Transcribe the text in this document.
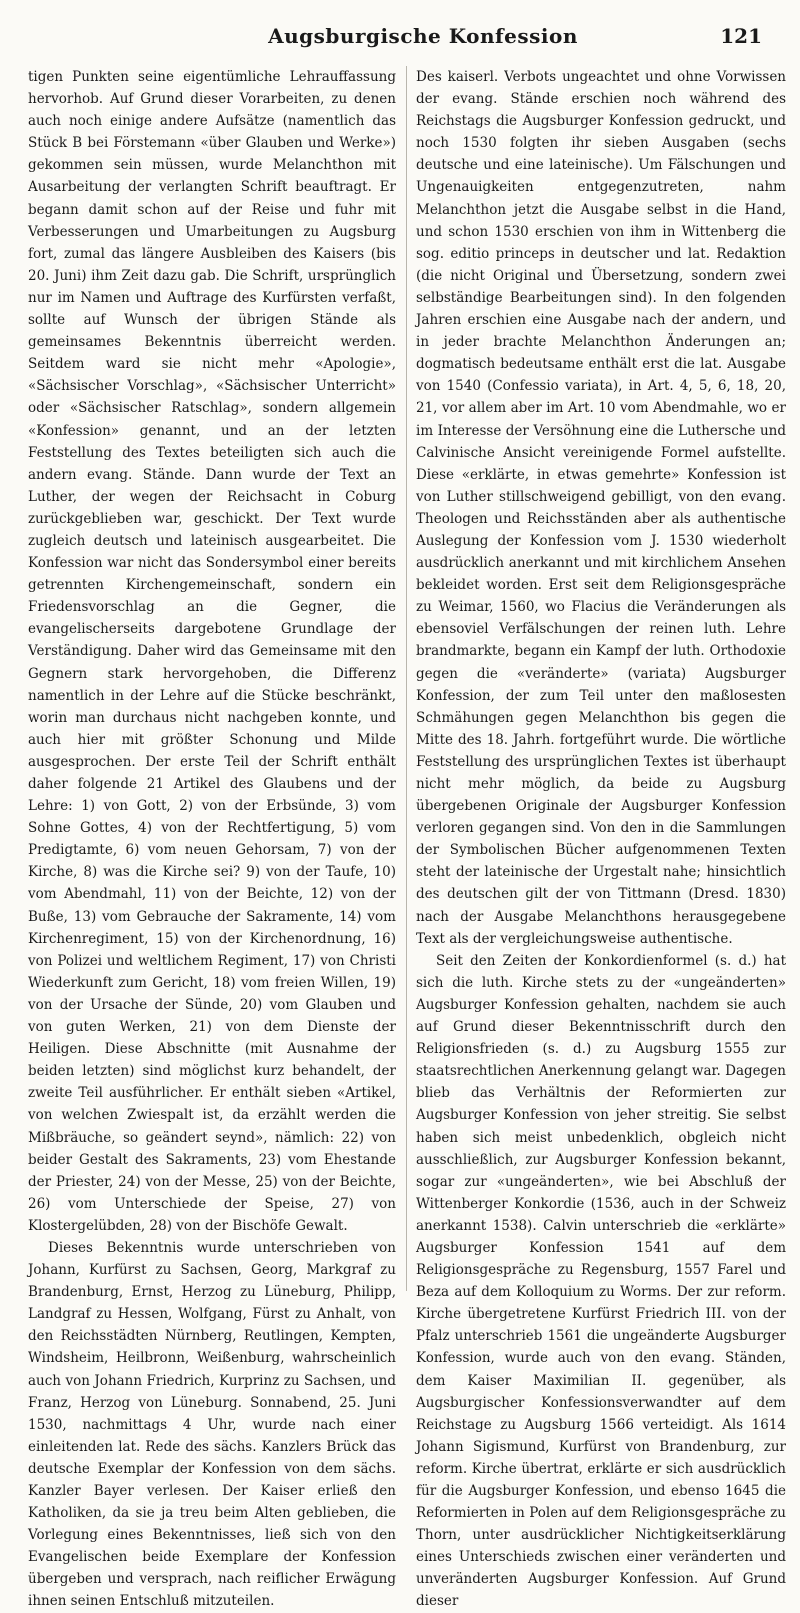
Augsburgische Konfession	121

tigen Punkten seine eigentümliche Lehrauffassung hervorhob. Auf Grund dieser Vorarbeiten, zu denen auch noch einige andere Aufsätze (namentlich das Stück B bei Förstemann «über Glauben und Werke») gekommen sein müssen, wurde Melanchthon mit Ausarbeitung der verlangten Schrift beauftragt. Er begann damit schon auf der Reise und fuhr mit Verbesserungen und Umarbeitungen zu Augsburg fort, zumal das längere Ausbleiben des Kaisers (bis 20. Juni) ihm Zeit dazu gab. Die Schrift, ursprünglich nur im Namen und Auftrage des Kurfürsten verfaßt, sollte auf Wunsch der übrigen Stände als gemeinsames Bekenntnis überreicht werden. Seitdem ward sie nicht mehr «Apologie», «Sächsischer Vorschlag», «Sächsischer Unterricht» oder «Sächsischer Ratschlag», sondern allgemein «Konfession» genannt, und an der letzten Feststellung des Textes beteiligten sich auch die andern evang. Stände. Dann wurde der Text an Luther, der wegen der Reichsacht in Coburg zurückgeblieben war, geschickt. Der Text wurde zugleich deutsch und lateinisch ausgearbeitet. Die Konfession war nicht das Sondersymbol einer bereits getrennten Kirchengemeinschaft, sondern ein Friedensvorschlag an die Gegner, die evangelischerseits dargebotene Grundlage der Verständigung. Daher wird das Gemeinsame mit den Gegnern stark hervorgehoben, die Differenz namentlich in der Lehre auf die Stücke beschränkt, worin man durchaus nicht nachgeben konnte, und auch hier mit größter Schonung und Milde ausgesprochen. Der erste Teil der Schrift enthält daher folgende 21 Artikel des Glaubens und der Lehre: 1) von Gott, 2) von der Erbsünde, 3) vom Sohne Gottes, 4) von der Rechtfertigung, 5) vom Predigtamte, 6) vom neuen Gehorsam, 7) von der Kirche, 8) was die Kirche sei? 9) von der Taufe, 10) vom Abendmahl, 11) von der Beichte, 12) von der Buße, 13) vom Gebrauche der Sakramente, 14) vom Kirchenregiment, 15) von der Kirchenordnung, 16) von Polizei und weltlichem Regiment, 17) von Christi Wiederkunft zum Gericht, 18) vom freien Willen, 19) von der Ursache der Sünde, 20) vom Glauben und von guten Werken, 21) von dem Dienste der Heiligen. Diese Abschnitte (mit Ausnahme der beiden letzten) sind möglichst kurz behandelt, der zweite Teil ausführlicher. Er enthält sieben «Artikel, von welchen Zwiespalt ist, da erzählt werden die Mißbräuche, so geändert seynd», nämlich: 22) von beider Gestalt des Sakraments, 23) vom Ehestande der Priester, 24) von der Messe, 25) von der Beichte, 26) vom Unterschiede der Speise, 27) von Klostergelübden, 28) von der Bischöfe Gewalt.

Dieses Bekenntnis wurde unterschrieben von Johann, Kurfürst zu Sachsen, Georg, Markgraf zu Brandenburg, Ernst, Herzog zu Lüneburg, Philipp, Landgraf zu Hessen, Wolfgang, Fürst zu Anhalt, von den Reichsstädten Nürnberg, Reutlingen, Kempten, Windsheim, Heilbronn, Weißenburg, wahrscheinlich auch von Johann Friedrich, Kurprinz zu Sachsen, und Franz, Herzog von Lüneburg. Sonnabend, 25. Juni 1530, nachmittags 4 Uhr, wurde nach einer einleitenden lat. Rede des sächs. Kanzlers Brück das deutsche Exemplar der Konfession von dem sächs. Kanzler Bayer verlesen. Der Kaiser erließ den Katholiken, da sie ja treu beim Alten geblieben, die Vorlegung eines Bekenntnisses, ließ sich von den Evangelischen beide Exemplare der Konfession übergeben und versprach, nach reiflicher Erwägung ihnen seinen Entschluß mitzuteilen.

Des kaiserl. Verbots ungeachtet und ohne Vorwissen der evang. Stände erschien noch während des Reichstags die Augsburger Konfession gedruckt, und noch 1530 folgten ihr sieben Ausgaben (sechs deutsche und eine lateinische). Um Fälschungen und Ungenauigkeiten entgegenzutreten, nahm Melanchthon jetzt die Ausgabe selbst in die Hand, und schon 1530 erschien von ihm in Wittenberg die sog. editio princeps in deutscher und lat. Redaktion (die nicht Original und Übersetzung, sondern zwei selbständige Bearbeitungen sind). In den folgenden Jahren erschien eine Ausgabe nach der andern, und in jeder brachte Melanchthon Änderungen an; dogmatisch bedeutsame enthält erst die lat. Ausgabe von 1540 (Confessio variata), in Art. 4, 5, 6, 18, 20, 21, vor allem aber im Art. 10 vom Abendmahle, wo er im Interesse der Versöhnung eine die Luthersche und Calvinische Ansicht vereinigende Formel aufstellte. Diese «erklärte, in etwas gemehrte» Konfession ist von Luther stillschweigend gebilligt, von den evang. Theologen und Reichsständen aber als authentische Auslegung der Konfession vom J. 1530 wiederholt ausdrücklich anerkannt und mit kirchlichem Ansehen bekleidet worden. Erst seit dem Religionsgespräche zu Weimar, 1560, wo Flacius die Veränderungen als ebensoviel Verfälschungen der reinen luth. Lehre brandmarkte, begann ein Kampf der luth. Orthodoxie gegen die «veränderte» (variata) Augsburger Konfession, der zum Teil unter den maßlosesten Schmähungen gegen Melanchthon bis gegen die Mitte des 18. Jahrh. fortgeführt wurde. Die wörtliche Feststellung des ursprünglichen Textes ist überhaupt nicht mehr möglich, da beide zu Augsburg übergebenen Originale der Augsburger Konfession verloren gegangen sind. Von den in die Sammlungen der Symbolischen Bücher aufgenommenen Texten steht der lateinische der Urgestalt nahe; hinsichtlich des deutschen gilt der von Tittmann (Dresd. 1830) nach der Ausgabe Melanchthons herausgegebene Text als der vergleichungsweise authentische.

Seit den Zeiten der Konkordienformel (s. d.) hat sich die luth. Kirche stets zu der «ungeänderten» Augsburger Konfession gehalten, nachdem sie auch auf Grund dieser Bekenntnisschrift durch den Religionsfrieden (s. d.) zu Augsburg 1555 zur staatsrechtlichen Anerkennung gelangt war. Dagegen blieb das Verhältnis der Reformierten zur Augsburger Konfession von jeher streitig. Sie selbst haben sich meist unbedenklich, obgleich nicht ausschließlich, zur Augsburger Konfession bekannt, sogar zur «ungeänderten», wie bei Abschluß der Wittenberger Konkordie (1536, auch in der Schweiz anerkannt 1538). Calvin unterschrieb die «erklärte» Augsburger Konfession 1541 auf dem Religionsgespräche zu Regensburg, 1557 Farel und Beza auf dem Kolloquium zu Worms. Der zur reform. Kirche übergetretene Kurfürst Friedrich III. von der Pfalz unterschrieb 1561 die ungeänderte Augsburger Konfession, wurde auch von den evang. Ständen, dem Kaiser Maximilian II. gegenüber, als Augsburgischer Konfessionsverwandter auf dem Reichstage zu Augsburg 1566 verteidigt. Als 1614 Johann Sigismund, Kurfürst von Brandenburg, zur reform. Kirche übertrat, erklärte er sich ausdrücklich für die Augsburger Konfession, und ebenso 1645 die Reformierten in Polen auf dem Religionsgespräche zu Thorn, unter ausdrücklicher Nichtigkeitserklärung eines Unterschieds zwischen einer veränderten und unveränderten Augsburger Konfession. Auf Grund dieser
